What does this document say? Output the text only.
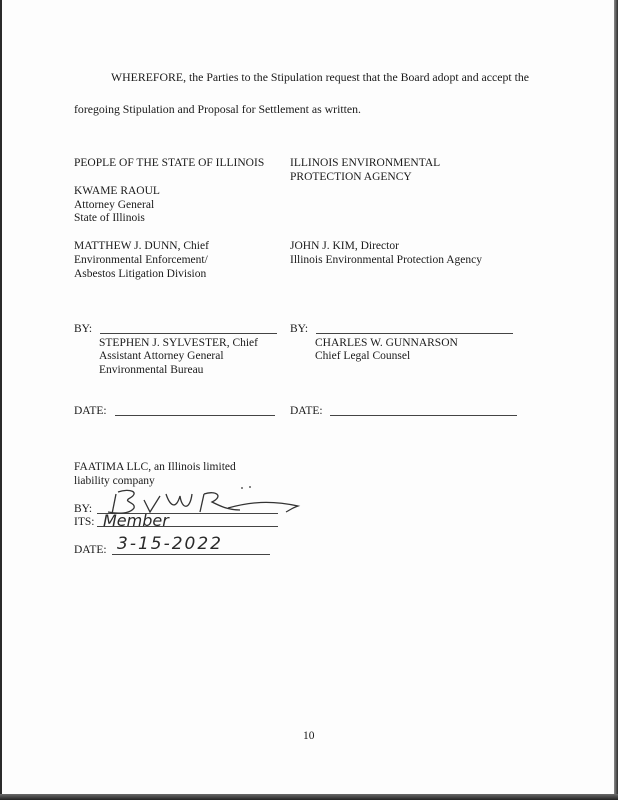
WHEREFORE, the Parties to the Stipulation request that the Board adopt and accept the
foregoing Stipulation and Proposal for Settlement as written.
PEOPLE OF THE STATE OF ILLINOIS
KWAME RAOUL
Attorney General
State of Illinois
MATTHEW J. DUNN, Chief
Environmental Enforcement/
Asbestos Litigation Division
BY:
STEPHEN J. SYLVESTER, Chief
Assistant Attorney General
Environmental Bureau
DATE:
ILLINOIS ENVIRONMENTAL
PROTECTION AGENCY
JOHN J. KIM, Director
Illinois Environmental Protection Agency
BY:
CHARLES W. GUNNARSON
Chief Legal Counsel
DATE:
FAATIMA LLC, an Illinois limited
liability company
BY:
ITS: Member
DATE: 3-15-2022
10
